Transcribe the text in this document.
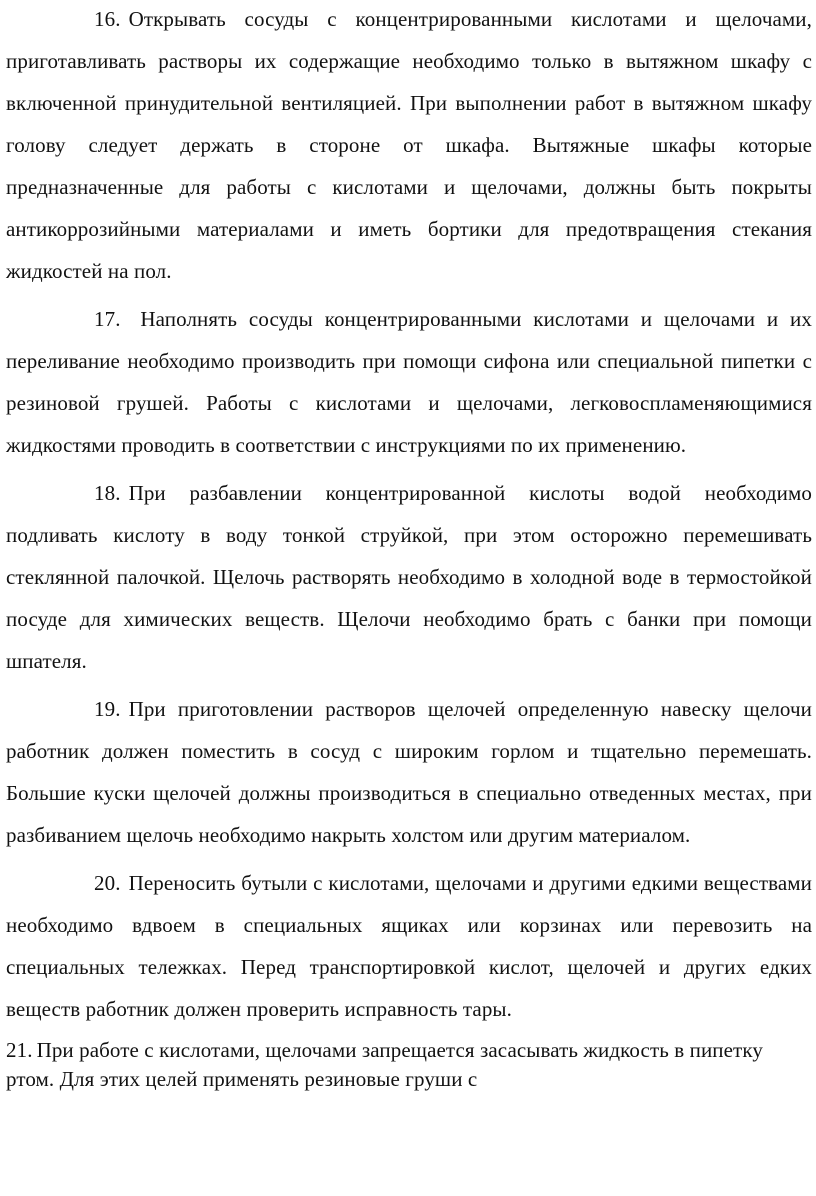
16. Открывать сосуды с концентрированными кислотами и щелочами, приготавливать растворы их содержащие необходимо только в вытяжном шкафу с включенной принудительной вентиляцией. При выполнении работ в вытяжном шкафу голову следует держать в стороне от шкафа. Вытяжные шкафы которые предназначенные для работы с кислотами и щелочами, должны быть покрыты антикоррозийными материалами и иметь бортики для предотвращения стекания жидкостей на пол.

17. Наполнять сосуды концентрированными кислотами и щелочами и их переливание необходимо производить при помощи сифона или специальной пипетки с резиновой грушей. Работы с кислотами и щелочами, легковоспламеняющимися жидкостями проводить в соответствии с инструкциями по их применению.

18. При разбавлении концентрированной кислоты водой необходимо подливать кислоту в воду тонкой струйкой, при этом осторожно перемешивать стеклянной палочкой. Щелочь растворять необходимо в холодной воде в термостойкой посуде для химических веществ. Щелочи необходимо брать с банки при помощи шпателя.

19. При приготовлении растворов щелочей определенную навеску щелочи работник должен поместить в сосуд с широким горлом и тщательно перемешать. Большие куски щелочей должны производиться в специально отведенных местах, при разбиванием щелочь необходимо накрыть холстом или другим материалом.

20. Переносить бутыли с кислотами, щелочами и другими едкими веществами необходимо вдвоем в специальных ящиках или корзинах или перевозить на специальных тележках. Перед транспортировкой кислот, щелочей и других едких веществ работник должен проверить исправность тары.

21. При работе с кислотами, щелочами запрещается засасывать жидкость в пипетку ртом. Для этих целей применять резиновые груши с
